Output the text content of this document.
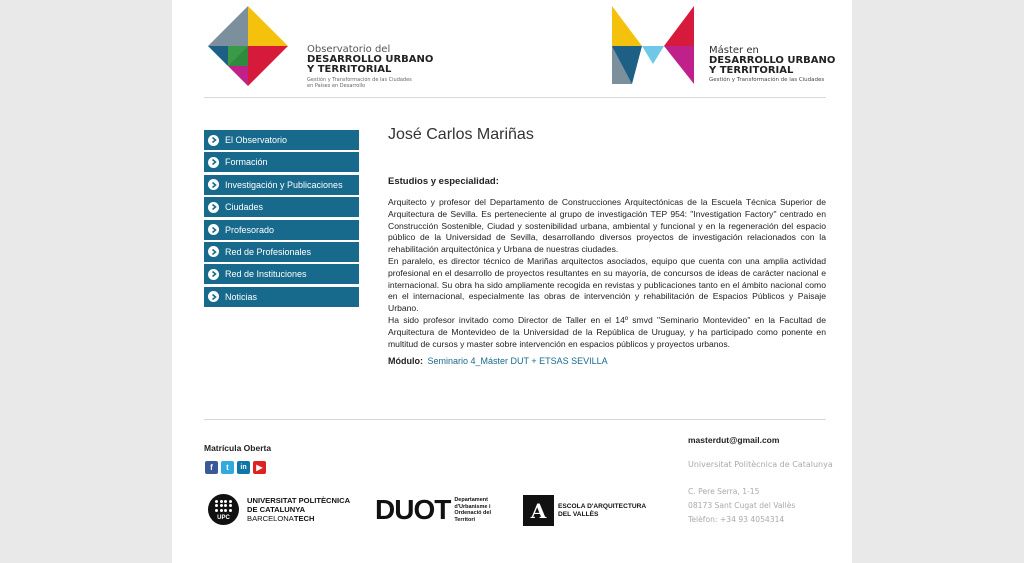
Observatorio del
DESARROLLO URBANO
Y TERRITORIAL
Gestión y Transformación de las Ciudades en Países en Desarrollo
Máster en
DESARROLLO URBANO
Y TERRITORIAL
Gestión y Transformación de las Ciudades
El Observatorio
Formación
Investigación y Publicaciones
Ciudades
Profesorado
Red de Profesionales
Red de Instituciones
Noticias
José Carlos Mariñas
Estudios y especialidad:

Arquitecto y profesor del Departamento de Construcciones Arquitectónicas de la Escuela Técnica Superior de Arquitectura de Sevilla. Es perteneciente al grupo de investigación TEP 954: "Investigation Factory" centrado en Construcción Sostenible, Ciudad y sostenibilidad urbana, ambiental y funcional y en la regeneración del espacio público de la Universidad de Sevilla, desarrollando diversos proyectos de investigación relacionados con la rehabilitación arquitectónica y Urbana de nuestras ciudades.

En paralelo, es director técnico de Mariñas arquitectos asociados, equipo que cuenta con una amplia actividad profesional en el desarrollo de proyectos resultantes en su mayoría, de concursos de ideas de carácter nacional e internacional. Su obra ha sido ampliamente recogida en revistas y publicaciones tanto en el ámbito nacional como en el internacional, especialmente las obras de intervención y rehabilitación de Espacios Públicos y Paisaje Urbano.

Ha sido profesor invitado como Director de Taller en el 14º smvd "Seminario Montevideo" en la Facultad de Arquitectura de Montevideo de la Universidad de la República de Uruguay, y ha participado como ponente en multitud de cursos y master sobre intervención en espacios públicos y proyectos urbanos.

Módulo: Seminario 4_Máster DUT + ETSAS SEVILLA
Matrícula Oberta
f	t	in	▶
masterdut@gmail.com
Universitat Politècnica de Catalunya
C. Pere Serra, 1-15
08173 Sant Cugat del Vallès
Telèfon: +34 93 4054314
UPC
UNIVERSITAT POLITÈCNICA
DE CATALUNYA
BARCELONATECH	DUOT Departament
d'Urbanisme i
Ordenació del
Territori	A	ESCOLA D'ARQUITECTURA
DEL VALLÈS
